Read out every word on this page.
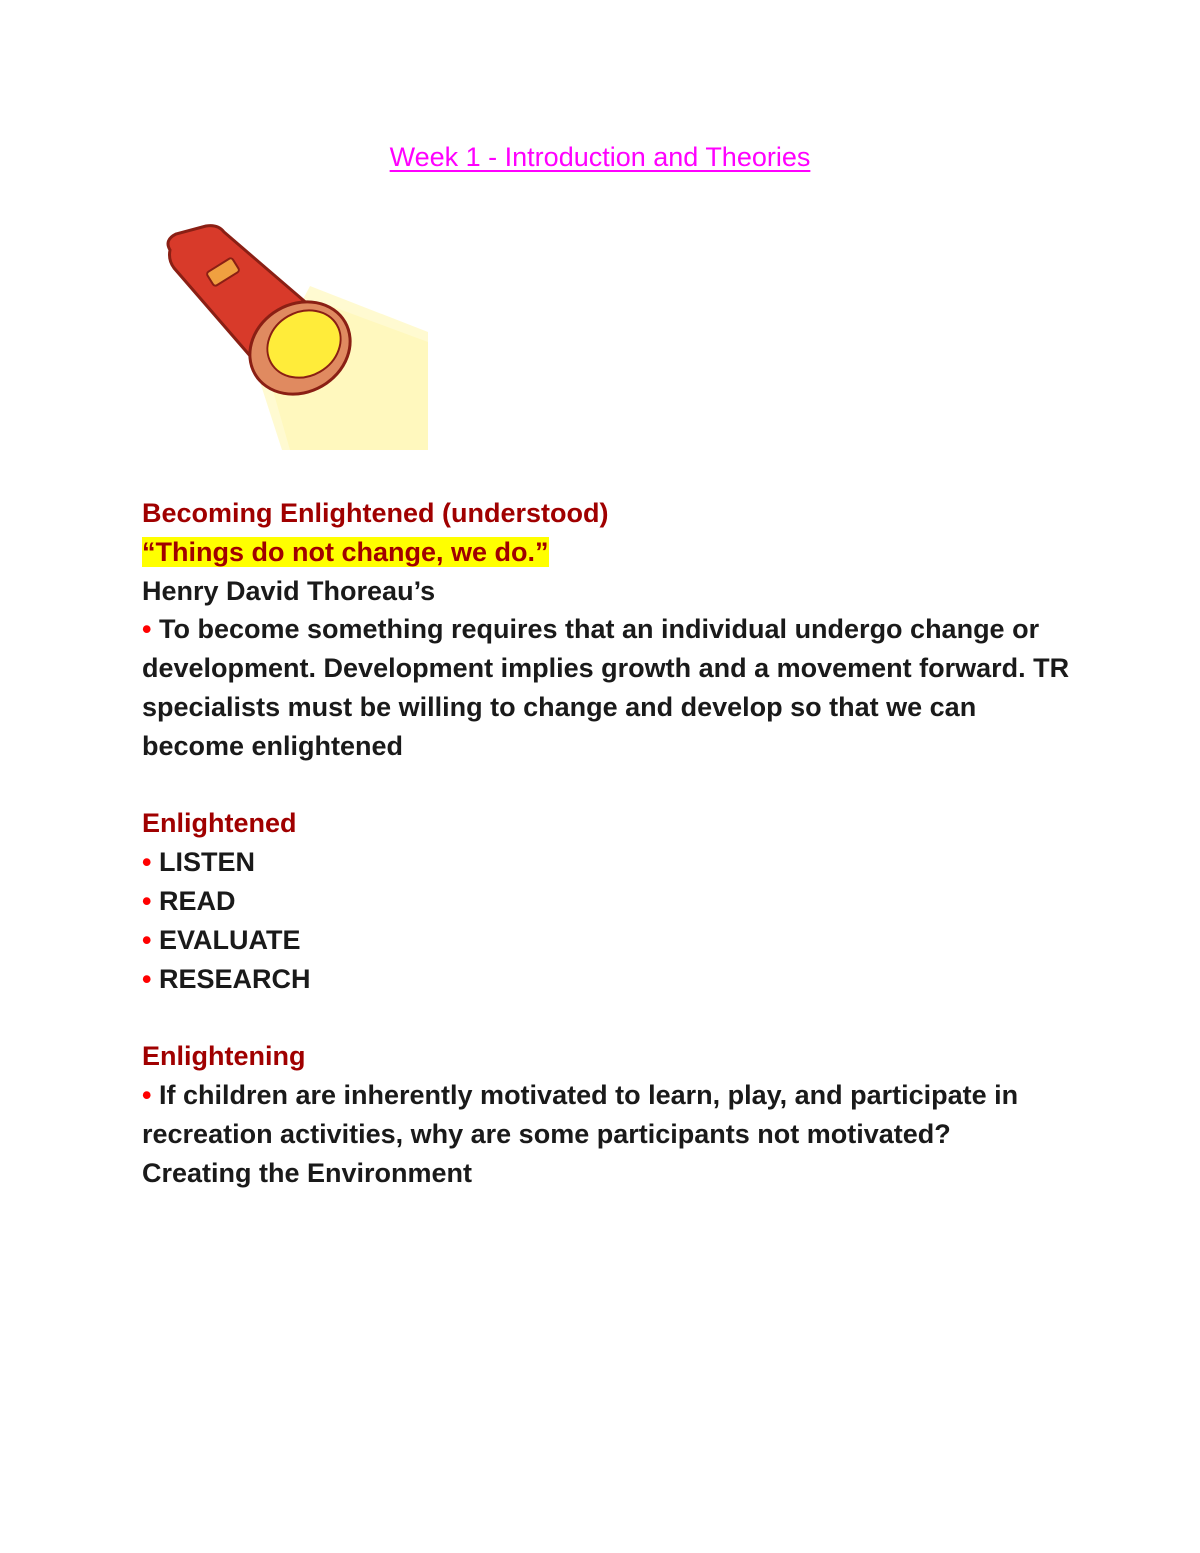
Week 1 - Introduction and Theories

Becoming Enlightened (understood)

“Things do not change, we do.”

Henry David Thoreau’s

• To become something requires that an individual undergo change or development. Development implies growth and a movement forward. TR specialists must be willing to change and develop so that we can become enlightened

Enlightened

• LISTEN

• READ

• EVALUATE

• RESEARCH

Enlightening

• If children are inherently motivated to learn, play, and participate in recreation activities, why are some participants not motivated?

Creating the Environment
